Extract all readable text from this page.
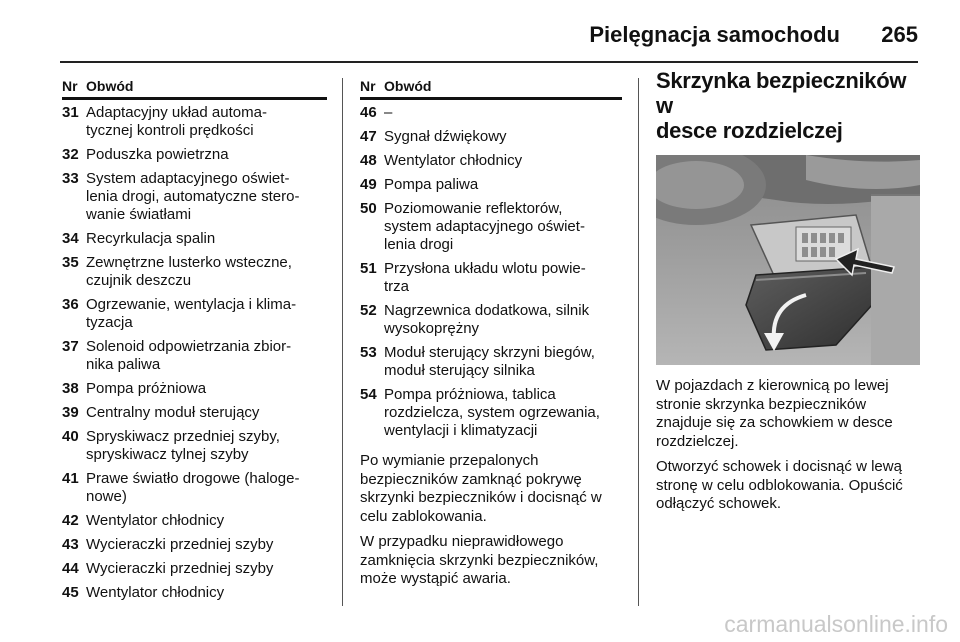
Pielęgnacja samochodu 265
Nr Obwód
31 Adaptacyjny układ automa-
tycznej kontroli prędkości
32 Poduszka powietrzna
33 System adaptacyjnego oświet-
lenia drogi, automatyczne stero-
wanie światłami
34 Recyrkulacja spalin
35 Zewnętrzne lusterko wsteczne,
czujnik deszczu
36 Ogrzewanie, wentylacja i klima-
tyzacja
37 Solenoid odpowietrzania zbior-
nika paliwa
38 Pompa próżniowa
39 Centralny moduł sterujący
40 Spryskiwacz przedniej szyby,
spryskiwacz tylnej szyby
41 Prawe światło drogowe (haloge-
nowe)
42 Wentylator chłodnicy
43 Wycieraczki przedniej szyby
44 Wycieraczki przedniej szyby
45 Wentylator chłodnicy
Nr Obwód
46 –
47 Sygnał dźwiękowy
48 Wentylator chłodnicy
49 Pompa paliwa
50 Poziomowanie reflektorów,
system adaptacyjnego oświet-
lenia drogi
51 Przysłona układu wlotu powie-
trza
52 Nagrzewnica dodatkowa, silnik
wysokoprężny
53 Moduł sterujący skrzyni biegów,
moduł sterujący silnika
54 Pompa próżniowa, tablica
rozdzielcza, system ogrzewania,
wentylacji i klimatyzacji

Po wymianie przepalonych
bezpieczników zamknąć pokrywę
skrzynki bezpieczników i docisnąć w
celu zablokowania.

W przypadku nieprawidłowego
zamknięcia skrzynki bezpieczników,
może wystąpić awaria.

Skrzynka bezpieczników w
desce rozdzielczej

W pojazdach z kierownicą po lewej
stronie skrzynka bezpieczników
znajduje się za schowkiem w desce
rozdzielczej.

Otworzyć schowek i docisnąć w lewą
stronę w celu odblokowania. Opuścić
odłączyć schowek.

carmanualsonline.info
